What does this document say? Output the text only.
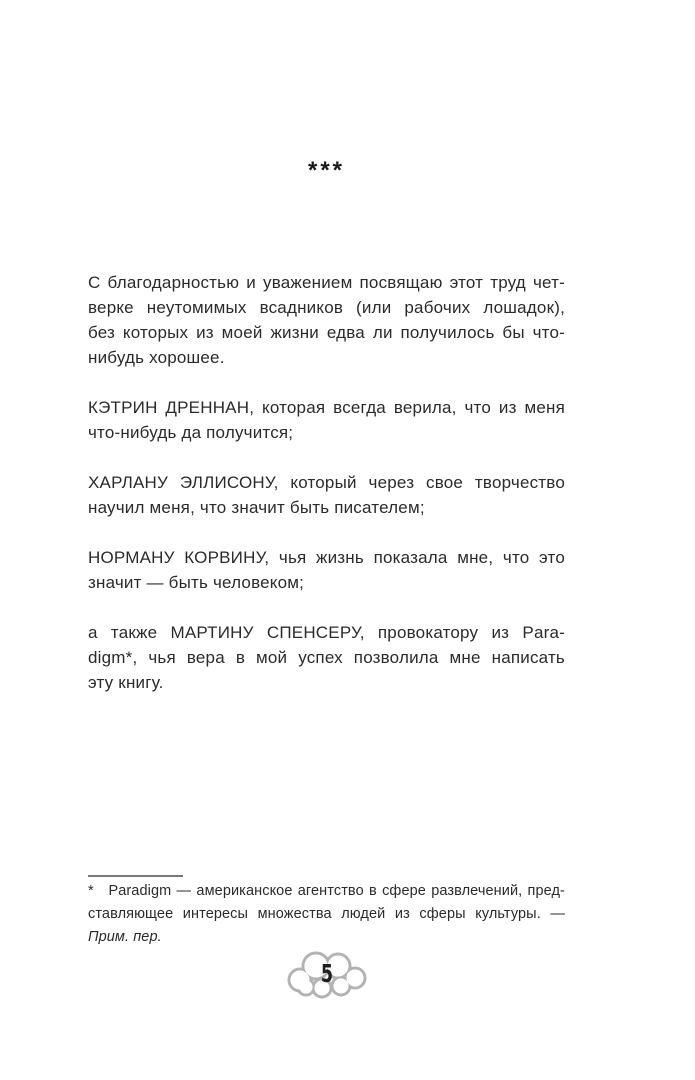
***
С благодарностью и уважением посвящаю этот труд чет-
верке неутомимых всадников (или рабочих лошадок),
без которых из моей жизни едва ли получилось бы что-
нибудь хорошее.
КЭТРИН ДРЕННАН, которая всегда верила, что из меня
что-нибудь да получится;
ХАРЛАНУ ЭЛЛИСОНУ, который через свое творчество
научил меня, что значит быть писателем;
НОРМАНУ КОРВИНУ, чья жизнь показала мне, что это
значит — быть человеком;
а также МАРТИНУ СПЕНСЕРУ, провокатору из Para-
digm*, чья вера в мой успех позволила мне написать
эту книгу.
*  Paradigm — американское агентство в сфере развлечений, пред-
ставляющее интересы множества людей из сферы культуры. —
Прим. пер.
5
